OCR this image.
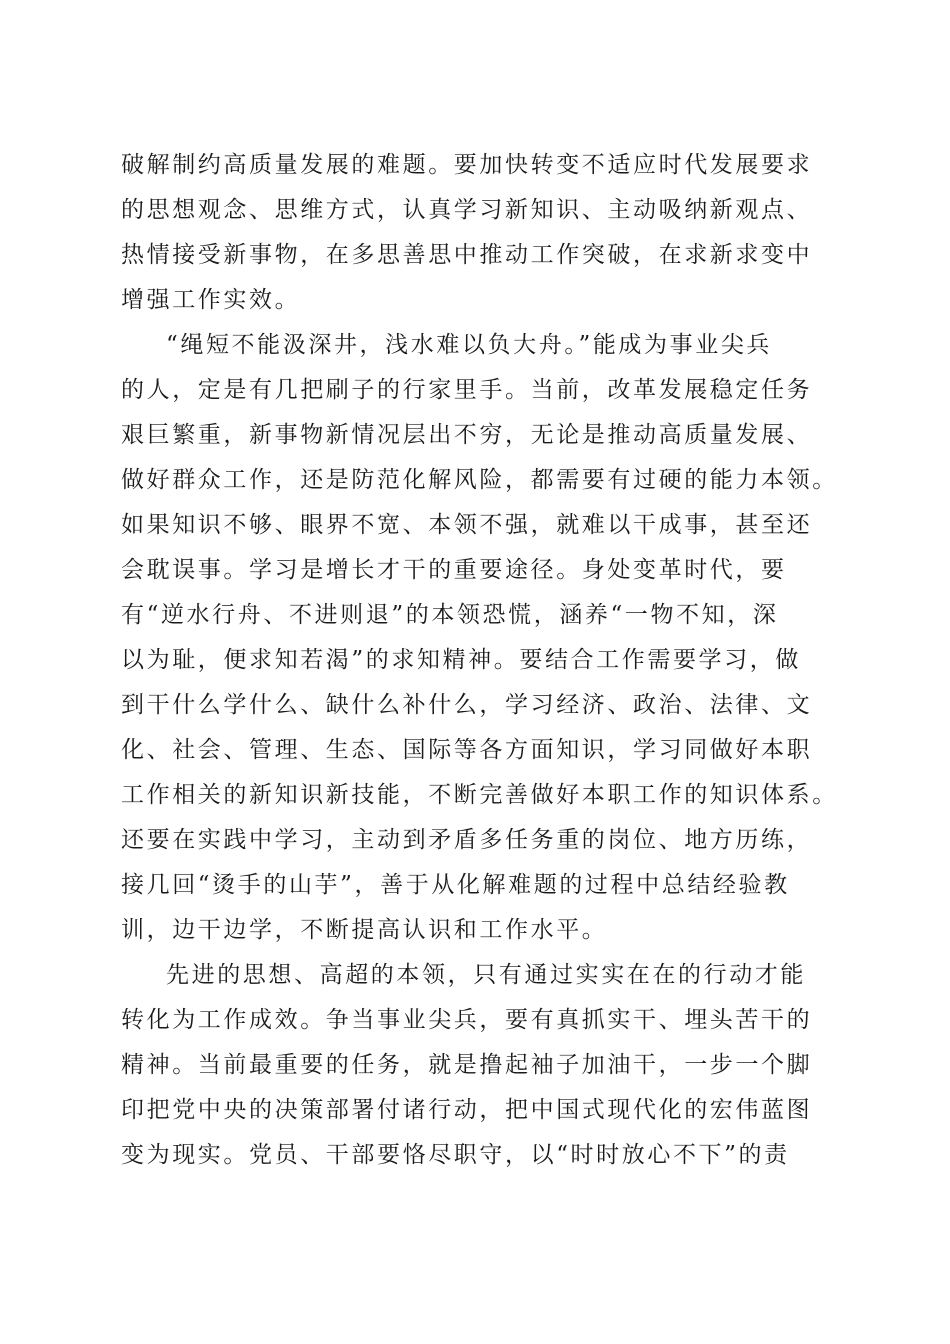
破解制约高质量发展的难题。要加快转变不适应时代发展要求
的思想观念、思维方式，认真学习新知识、主动吸纳新观点、
热情接受新事物，在多思善思中推动工作突破，在求新求变中
增强工作实效。
“绳短不能汲深井，浅水难以负大舟。”能成为事业尖兵
的人，定是有几把刷子的行家里手。当前，改革发展稳定任务
艰巨繁重，新事物新情况层出不穷，无论是推动高质量发展、
做好群众工作，还是防范化解风险，都需要有过硬的能力本领。
如果知识不够、眼界不宽、本领不强，就难以干成事，甚至还
会耽误事。学习是增长才干的重要途径。身处变革时代，要
有“逆水行舟、不进则退”的本领恐慌，涵养“一物不知，深
以为耻，便求知若渴”的求知精神。要结合工作需要学习，做
到干什么学什么、缺什么补什么，学习经济、政治、法律、文
化、社会、管理、生态、国际等各方面知识，学习同做好本职
工作相关的新知识新技能，不断完善做好本职工作的知识体系。
还要在实践中学习，主动到矛盾多任务重的岗位、地方历练，
接几回“烫手的山芋”，善于从化解难题的过程中总结经验教
训，边干边学，不断提高认识和工作水平。
先进的思想、高超的本领，只有通过实实在在的行动才能
转化为工作成效。争当事业尖兵，要有真抓实干、埋头苦干的
精神。当前最重要的任务，就是撸起袖子加油干，一步一个脚
印把党中央的决策部署付诸行动，把中国式现代化的宏伟蓝图
变为现实。党员、干部要恪尽职守，以“时时放心不下”的责
